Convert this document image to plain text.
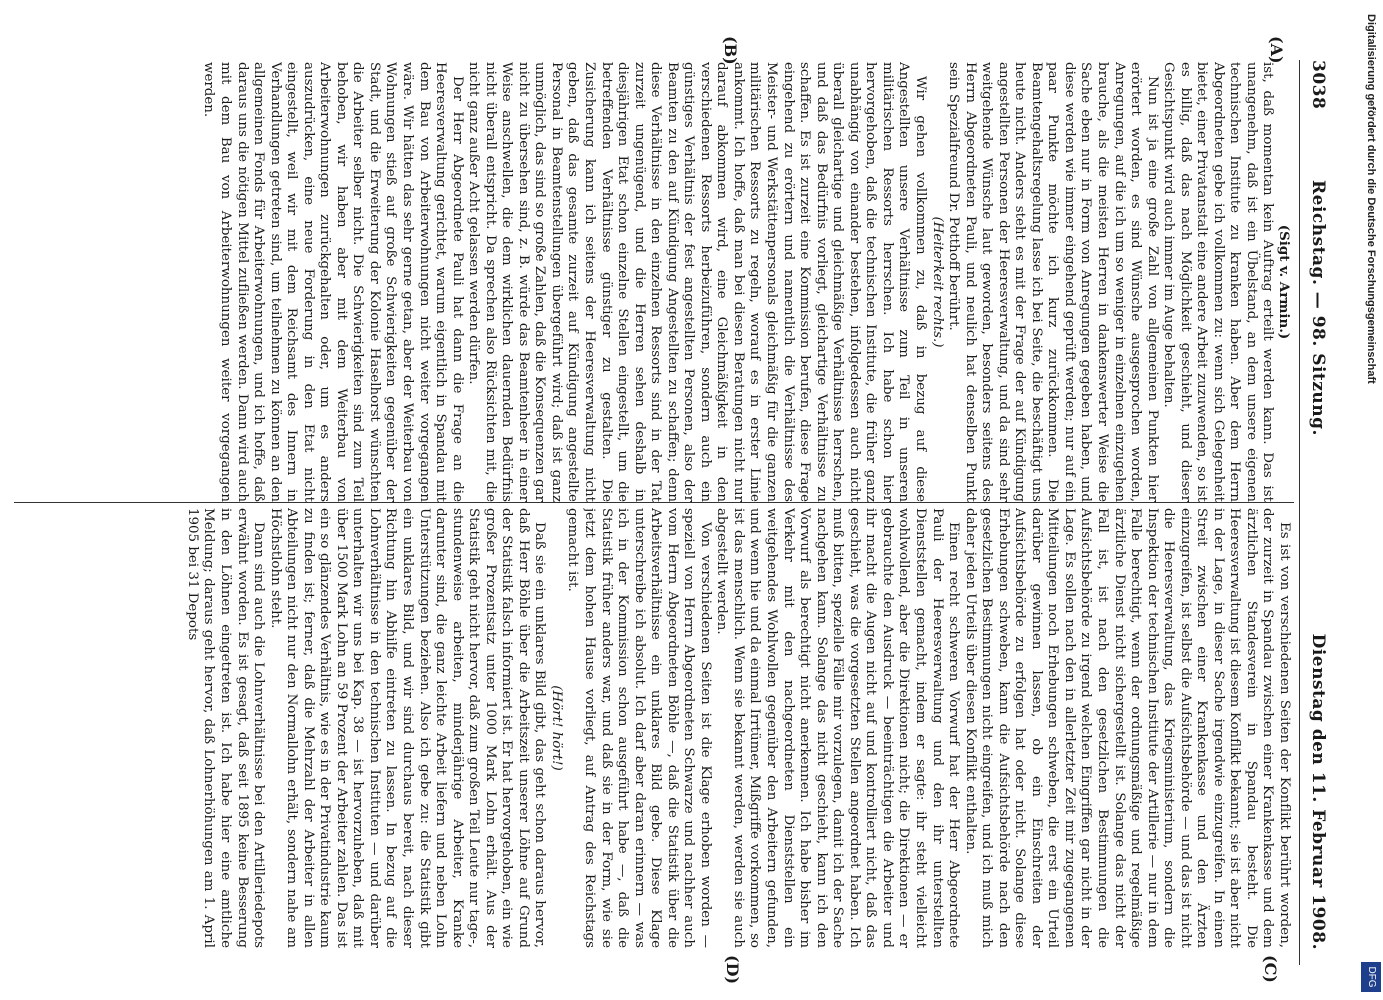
3038
Reichstag. — 98. Sitzung.
Dienstag den 11. Februar 1908.
(A)
(B)
(C)
(D)

(Sigt v. Armin.)

ist, daß momentan kein Auftrag erteilt werden kann. Das ist unangenehm, daß ist ein Übelstand, an dem unsere eigenen technischen Institute zu kranken haben. Aber dem Herrn Abgeordneten gebe ich vollkommen zu: wenn sich Gelegenheit bietet, einer Privatanstalt eine andere Arbeit zuzuwenden, so ist es billig, daß das nach Möglichkeit geschieht, und dieser Gesichtspunkt wird auch immer im Auge behalten.

Nun ist ja eine große Zahl von allgemeinen Punkten hier erörtert worden, es sind Wünsche ausgesprochen worden, Anregungen, auf die ich um so weniger in einzelnen einzugehen brauche, als die meisten Herren in dankenswerter Weise die Sache eben nur in Form von Anregungen gegeben haben, und diese werden wie immer eingehend geprüft werden; nur auf ein paar Punkte möchte ich kurz zurückkommen. Die Beamtengehaltsregelung lasse ich bei Seite, die beschäftigt uns heute nicht. Anders steht es mit der Frage der auf Kündigung angestellten Personen der Heeresverwaltung, und da sind sehr weitgehende Wünsche laut geworden, besonders seitens des Herrn Abgeordneten Pauli, und neulich hat denselben Punkt sein Spezialfreund Dr. Potthoff berührt.

(Heiterkeit rechts.)

Wir gehen vollkommen zu, daß in bezug auf diese Angestellten unsere Verhältnisse zum Teil in unseren militärischen Ressorts herrschen. Ich habe schon hier hervorgehoben, daß die technischen Institute, die früher ganz unabhängig von einander bestehen, infolgedessen auch nicht überall gleichartige und gleichmäßige Verhältnisse herrschen, und daß das Bedürfnis vorliegt, gleichartige Verhältnisse zu schaffen. Es ist zurzeit eine Kommission berufen, diese Frage eingehend zu erörtern und namentlich die Verhältnisse des Meister- und Werkstättenpersonals gleichmäßig für die ganzen militärischen Ressorts zu regeln, worauf es in erster Linie ankommt. Ich hoffe, daß man bei diesen Beratungen nicht nur darauf abkommen wird, eine Gleichmäßigkeit in den verschiedenen Ressorts herbeizuführen, sondern auch ein günstiges Verhältnis der fest angestellten Personen, also der Beamten zu den auf Kündigung Angestellten zu schaffen; denn diese Verhältnisse in den einzelnen Ressorts sind in der Tat zurzeit ungenügend, und die Herren sehen deshalb in diesjährigen Etat schon einzelne Stellen eingestellt, um die betreffenden Verhältnisse günstiger zu gestalten. Die Zusicherung kann ich seitens der Heeresverwaltung nicht geben, daß das gesamte zurzeit auf Kündigung angestellte Personal in Beamtenstellungen übergeführt wird; daß ist ganz unmöglich, das sind so große Zahlen, daß die Konsequenzen gar nicht zu übersehen sind, z. B. würde das Beamtenheer in einer Weise anschwellen, die dem wirklichen dauernden Bedürfnis nicht überall entspricht. Da sprechen also Rücksichten mit, die nicht ganz außer Acht gelassen werden dürfen.

Der Herr Abgeordnete Pauli hat dann die Frage an die Heeresverwaltung gerichtet, warum eigentlich in Spandau mit dem Bau von Arbeiterwohnungen nicht weiter vorgegangen wäre. Wir hätten das sehr gerne getan, aber der Weiterbau von Wohnungen stieß auf große Schwierigkeiten gegenüber der Stadt, und die Erweiterung der Kolonie Haselhorst wünschten die Arbeiter selber nicht. Die Schwierigkeiten sind zum Teil behoben, wir haben aber mit dem Weiterbau von Arbeiterwohnungen zurückgehalten oder, um es anders auszudrücken, eine neue Forderung in den Etat nicht eingestellt, weil wir mit dem Reichsamt des Innern in Verhandlungen getreten sind, um teilnehmen zu können an den allgemeinen Fonds für Arbeiterwohnungen, und ich hoffe, daß daraus uns die nötigen Mittel zufließen werden. Dann wird auch mit dem Bau von Arbeiterwohnungen weiter vorgegangen werden.

Es ist von verschiedenen Seiten der Konflikt berührt worden, der zurzeit in Spandau zwischen einer Krankenkasse und dem ärztlichen Standesverein in Spandau besteht. Die Heeresverwaltung ist diesem Konflikt bekannt; sie ist aber nicht in der Lage, in dieser Sache irgendwie einzugreifen. In einen Streit zwischen einer Krankenkasse und den Ärzten einzugreifen, ist selbst die Aufsichtsbehörde — und das ist nicht die Heeresverwaltung, das Kriegsministerium, sondern die Inspektion der technischen Institute der Artillerie — nur in dem Falle berechtigt, wenn der ordnungsmäßige und regelmäßige ärztliche Dienst nicht sichergestellt ist. Solange das nicht der Fall ist, ist nach den gesetzlichen Bestimmungen die Aufsichtsbehörde zu irgend welchen Eingriffen gar nicht in der Lage. Es sollen nach den in allerletzter Zeit mir zugegangenen Mitteilungen noch Erhebungen schweben, die erst ein Urteil darüber gewinnen lassen, ob ein Einschreiten der Aufsichtsbehörde zu erfolgen hat oder nicht. Solange diese Erhebungen schweben, kann die Aufsichtsbehörde nach den gesetzlichen Bestimmungen nicht eingreifen, und ich muß mich daher jeden Urteils über diesen Konflikt enthalten.

Einen recht schweren Vorwurf hat der Herr Abgeordnete Pauli der Heeresverwaltung und den ihr unterstellten Dienststellen gemacht, indem er sagte: ihr steht vielleicht wohlwollend, aber die Direktionen nicht; die Direktionen — er gebrauchte den Ausdruck — beeinträchtigen die Arbeiter und ihr macht die Augen nicht auf und kontrolliert nicht, daß das geschieht, was die vorgesetzten Stellen angeordnet haben. Ich muß bitten, spezielle Fälle mir vorzulegen, damit ich der Sache nachgehen kann. Solange das nicht geschieht, kann ich den Vorwurf als berechtigt nicht anerkennen. Ich habe bisher im Verkehr mit den nachgeordneten Dienststellen ein weitgehendes Wohlwollen gegenüber den Arbeitern gefunden, und wenn hie und da einmal Irrtümer, Mißgriffe vorkommen, so ist das menschlich. Wenn sie bekannt werden, werden sie auch abgestellt werden.

Von verschiedenen Seiten ist die Klage erhoben worden — speziell von Herrn Abgeordneten Schwarze und nachher auch vom Herrn Abgeordneten Böhle —, daß die Statistik über die Arbeitsverhältnisse ein unklares Bild gebe. Diese Klage unterschreibe ich absolut. Ich darf aber daran erinnern — was ich in der Kommission schon ausgeführt habe —, daß die Statistik früher anders war, und daß sie in der Form, wie sie jetzt dem hohen Hause vorliegt, auf Antrag des Reichstags gemacht ist.

(Hört! hört!)

Daß sie ein unklares Bild gibt, das geht schon daraus hervor, daß Herr Böhle über die Arbeitszeit unserer Löhne auf Grund der Statistik falsch informiert ist. Er hat hervorgehoben, ein wie großer Prozentsatz unter 1000 Mark Lohn erhält. Aus der Statistik geht nicht hervor, daß zum großen Teil Leute nur tage-, stundenweise arbeiten, minderjährige Arbeiter, Kranke darunter sind, die ganz leichte Arbeit liefern und neben Lohn Unterstützungen beziehen. Also ich gebe zu: die Statistik gibt ein unklares Bild, und wir sind durchaus bereit, nach dieser Richtung hin Abhilfe eintreten zu lassen. In bezug auf die Lohnverhältnisse in den technischen Instituten — und darüber unterhalten wir uns bei Kap. 38 — ist hervorzuheben, daß mit über 1500 Mark Lohn an 59 Prozent der Arbeiter zahlen. Das ist ein so glänzendes Verhältnis, wie es in der Privatindustrie kaum zu finden ist; ferner, daß die Mehrzahl der Arbeiter in allen Abteilungen nicht nur den Normallohn erhält, sondern nahe am Höchstlohn steht.

Dann sind auch die Lohnverhältnisse bei den Artilleriedepots erwähnt worden. Es ist gesagt, daß seit 1895 keine Besserung in den Löhnen eingetreten ist. Ich habe hier eine amtliche Meldung; daraus geht hervor, daß Lohnerhöhungen am 1. April 1905 bei 31 Depots

Digitalisierung gefördert durch die Deutsche Forschungsgemeinschaft
DFG
